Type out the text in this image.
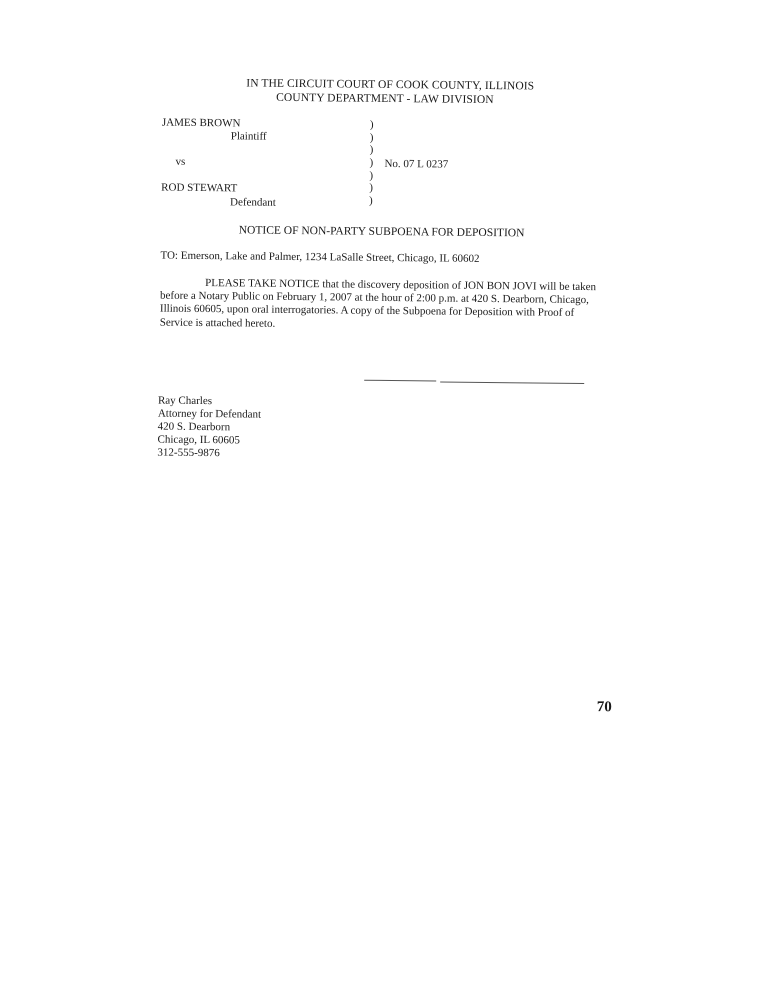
IN THE CIRCUIT COURT OF COOK COUNTY, ILLINOIS
COUNTY DEPARTMENT - LAW DIVISION
JAMES BROWN
Plaintiff
vs
ROD STEWART
Defendant
)
)
)
)
)
)
)
No. 07 L 0237
NOTICE OF NON-PARTY SUBPOENA FOR DEPOSITION
TO: Emerson, Lake and Palmer, 1234 LaSalle Street, Chicago, IL 60602
PLEASE TAKE NOTICE that the discovery deposition of JON BON JOVI will be taken
before a Notary Public on February 1, 2007 at the hour of 2:00 p.m. at 420 S. Dearborn, Chicago,
Illinois 60605, upon oral interrogatories. A copy of the Subpoena for Deposition with Proof of
Service is attached hereto.
Ray Charles
Attorney for Defendant
420 S. Dearborn
Chicago, IL 60605
312-555-9876
70
